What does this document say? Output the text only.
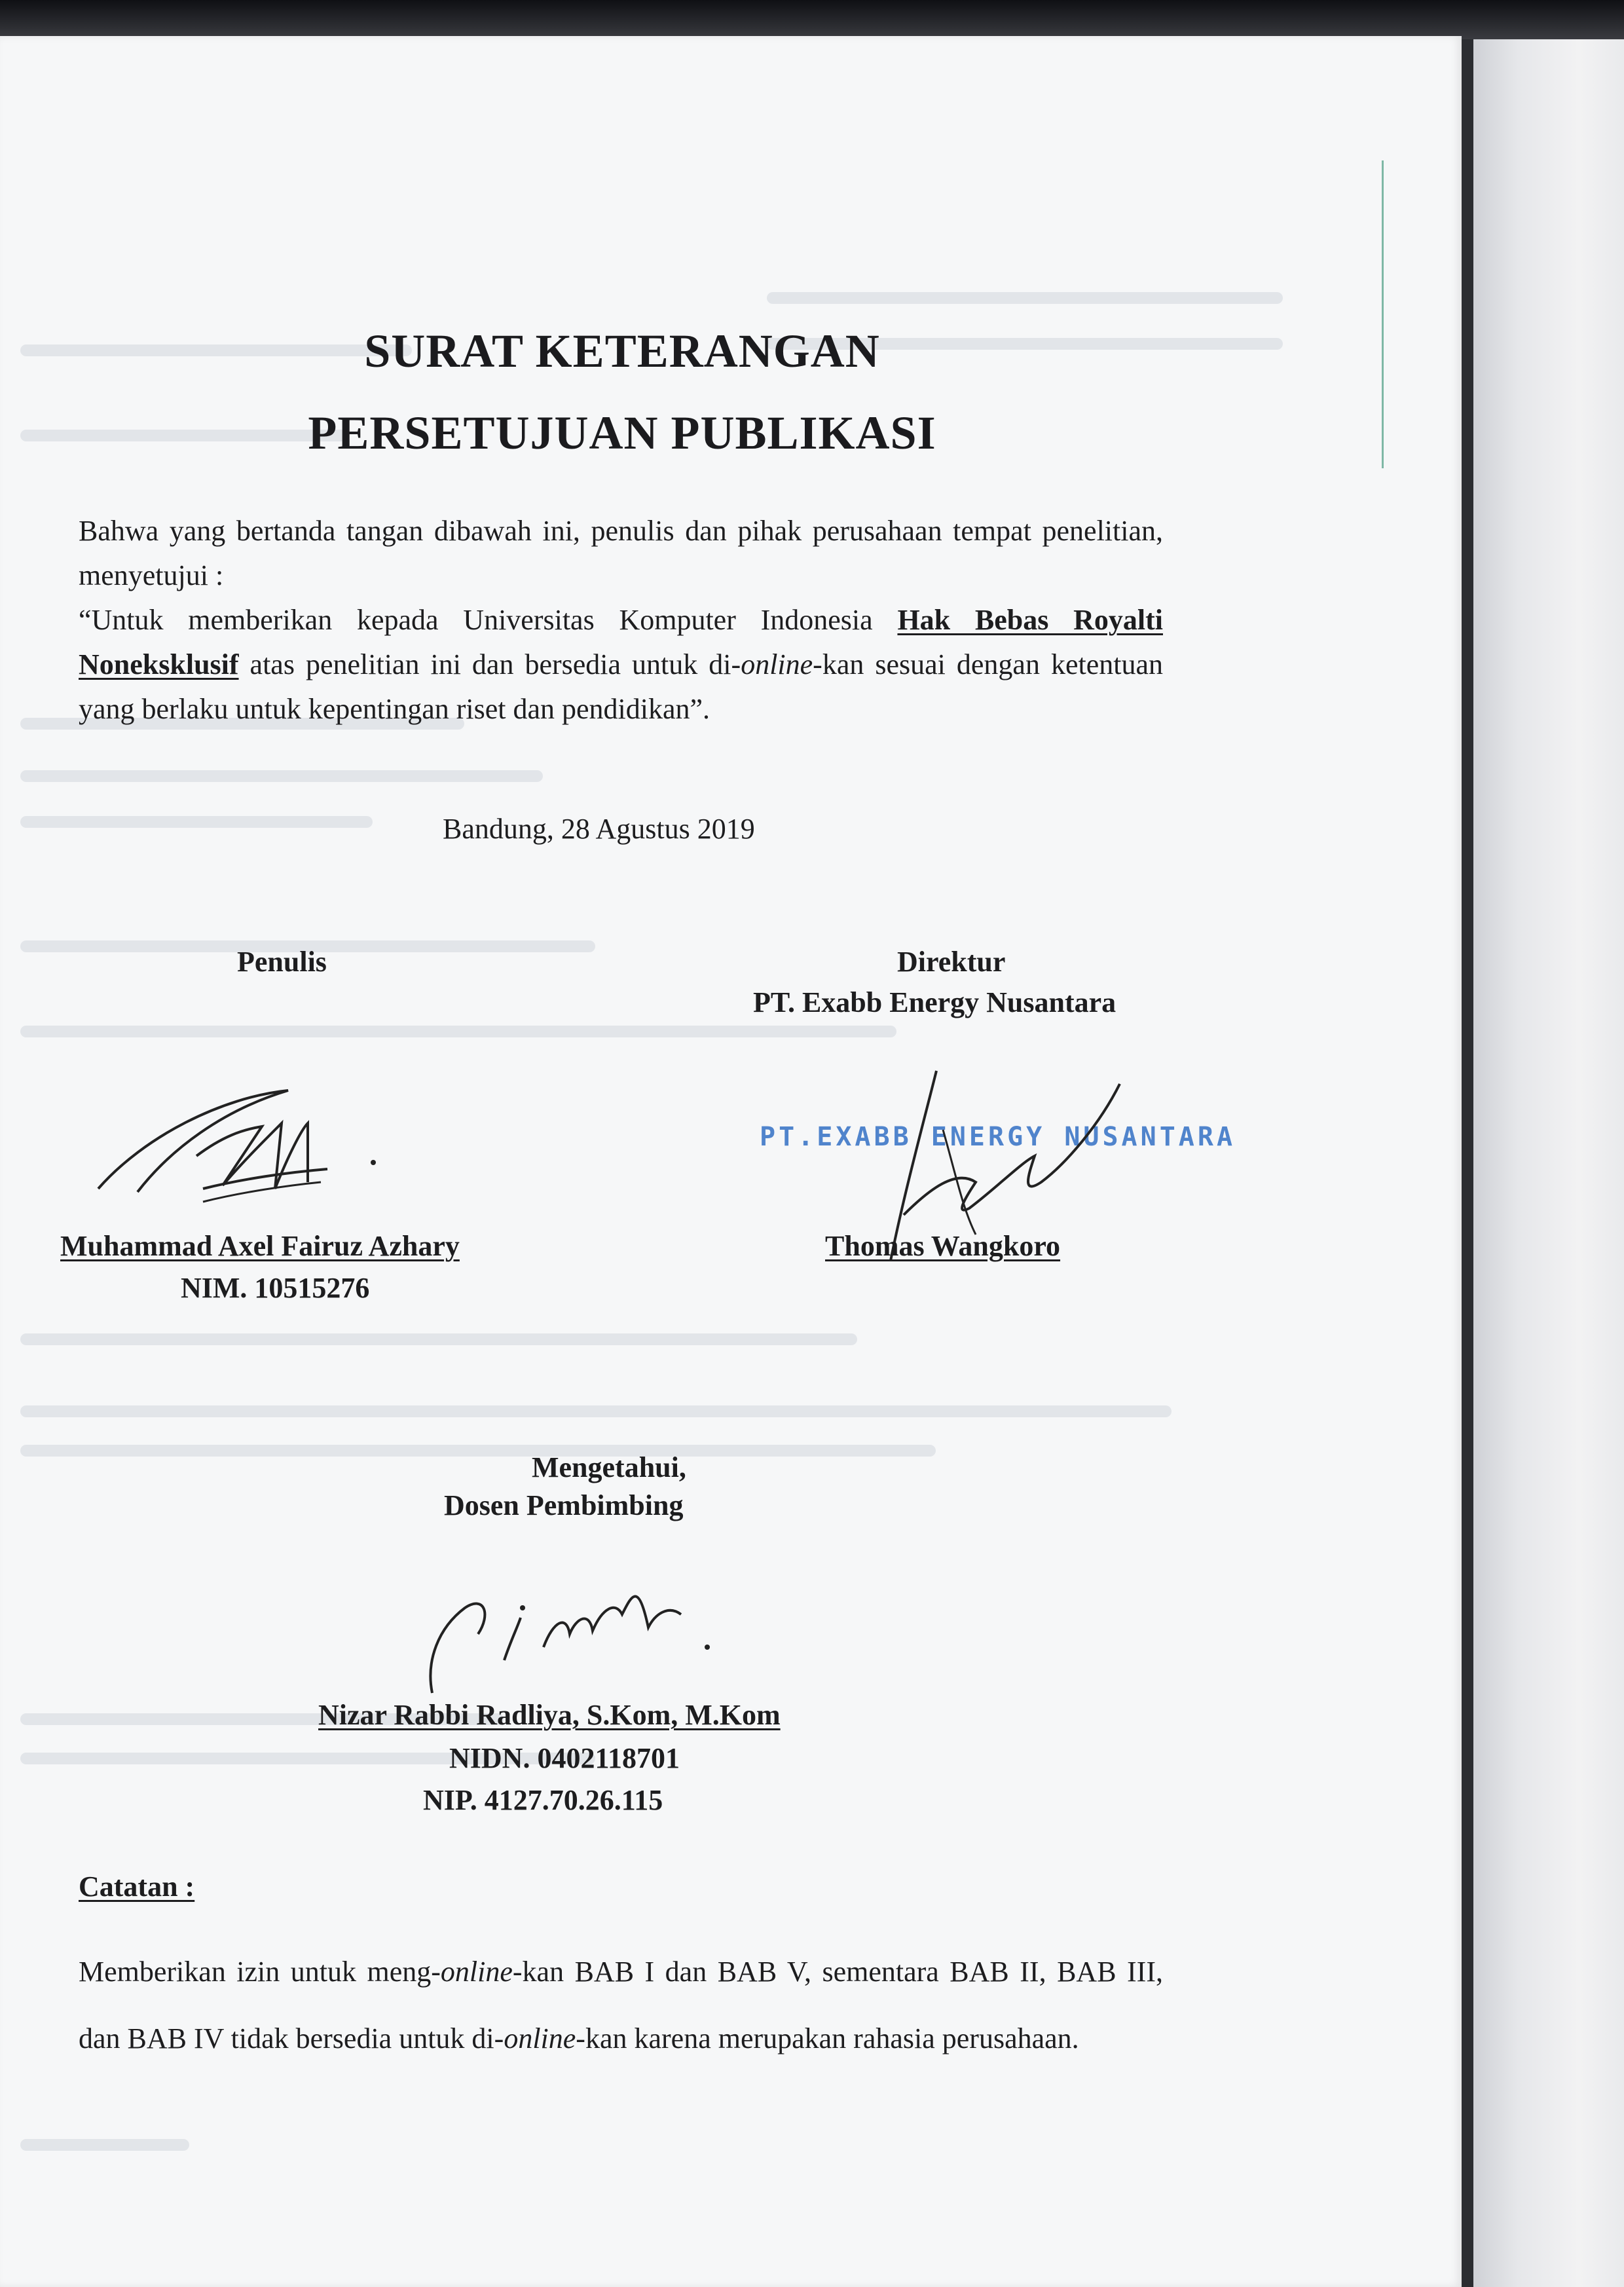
SURAT KETERANGAN
PERSETUJUAN PUBLIKASI
Bahwa yang bertanda tangan dibawah ini, penulis dan pihak perusahaan tempat penelitian, menyetujui :
“Untuk memberikan kepada Universitas Komputer Indonesia Hak Bebas Royalti Noneksklusif atas penelitian ini dan bersedia untuk di-online-kan sesuai dengan ketentuan yang berlaku untuk kepentingan riset dan pendidikan”.
Bandung, 28 Agustus 2019
Penulis
Muhammad Axel Fairuz Azhary
NIM. 10515276
Direktur
PT. Exabb Energy Nusantara
PT.EXABB ENERGY NUSANTARA
Thomas Wangkoro
Mengetahui,
Dosen Pembimbing
Nizar Rabbi Radliya, S.Kom, M.Kom
NIDN. 0402118701
NIP. 4127.70.26.115
Catatan :
Memberikan izin untuk meng-online-kan BAB I dan BAB V, sementara BAB II, BAB III, dan BAB IV tidak bersedia untuk di-online-kan karena merupakan rahasia perusahaan.
